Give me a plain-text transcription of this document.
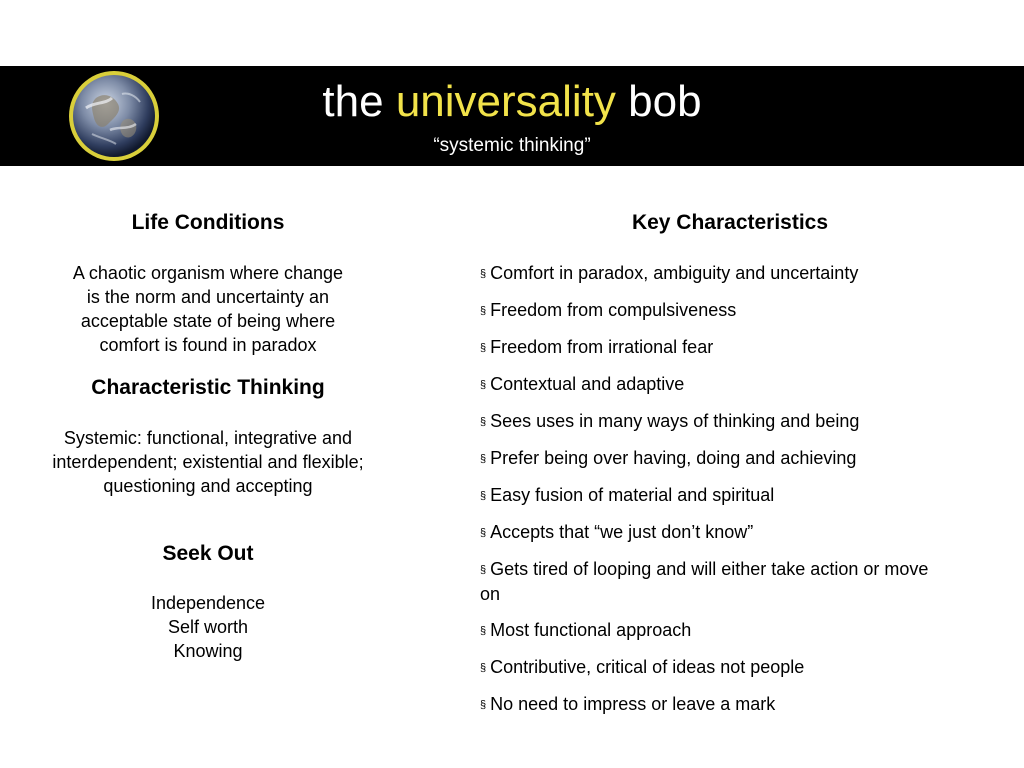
the universality bob
“systemic thinking”
Life Conditions
A chaotic organism where change
is the norm and uncertainty an
acceptable state of being where
comfort is found in paradox
Characteristic Thinking
Systemic: functional, integrative and
interdependent; existential and flexible;
questioning and accepting
Seek Out
Independence
Self worth
Knowing
Key Characteristics
§ Comfort in paradox, ambiguity and uncertainty
§ Freedom from compulsiveness
§ Freedom from irrational fear
§ Contextual and adaptive
§ Sees uses in many ways of thinking and being
§ Prefer being over having, doing and achieving
§ Easy fusion of material and spiritual
§ Accepts that “we just don’t know”
§ Gets tired of looping and will either take action or move on
§ Most functional approach
§ Contributive, critical of ideas not people
§ No need to impress or leave a mark
